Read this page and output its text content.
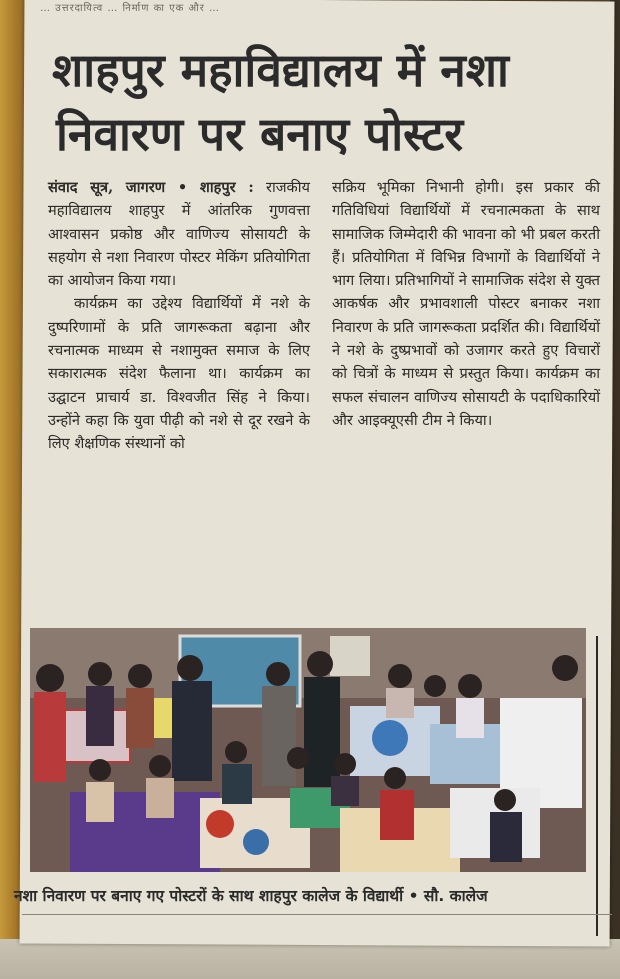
… उत्तरदायित्व … निर्माण का एक और …
शाहपुर महाविद्यालय में नशा
निवारण पर बनाए पोस्टर

संवाद सूत्र, जागरण • शाहपुर : राजकीय महाविद्यालय शाहपुर में आंतरिक गुणवत्ता आश्वासन प्रकोष्ठ और वाणिज्य सोसायटी के सहयोग से नशा निवारण पोस्टर मेकिंग प्रतियोगिता का आयोजन किया गया।

कार्यक्रम का उद्देश्य विद्यार्थियों में नशे के दुष्परिणामों के प्रति जागरूकता बढ़ाना और रचनात्मक माध्यम से नशामुक्त समाज के लिए सकारात्मक संदेश फैलाना था। कार्यक्रम का उद्घाटन प्राचार्य डा. विश्वजीत सिंह ने किया। उन्होंने कहा कि युवा पीढ़ी को नशे से दूर रखने के लिए शैक्षणिक संस्थानों को

सक्रिय भूमिका निभानी होगी। इस प्रकार की गतिविधियां विद्यार्थियों में रचनात्मकता के साथ सामाजिक जिम्मेदारी की भावना को भी प्रबल करती हैं। प्रतियोगिता में विभिन्न विभागों के विद्यार्थियों ने भाग लिया। प्रतिभागियों ने सामाजिक संदेश से युक्त आकर्षक और प्रभावशाली पोस्टर बनाकर नशा निवारण के प्रति जागरूकता प्रदर्शित की। विद्यार्थियों ने नशे के दुष्प्रभावों को उजागर करते हुए विचारों को चित्रों के माध्यम से प्रस्तुत किया। कार्यक्रम का सफल संचालन वाणिज्य सोसायटी के पदाधिकारियों और आइक्यूएसी टीम ने किया।

नशा निवारण पर बनाए गए पोस्टरों के साथ शाहपुर कालेज के विद्यार्थी • सौ. कालेज
